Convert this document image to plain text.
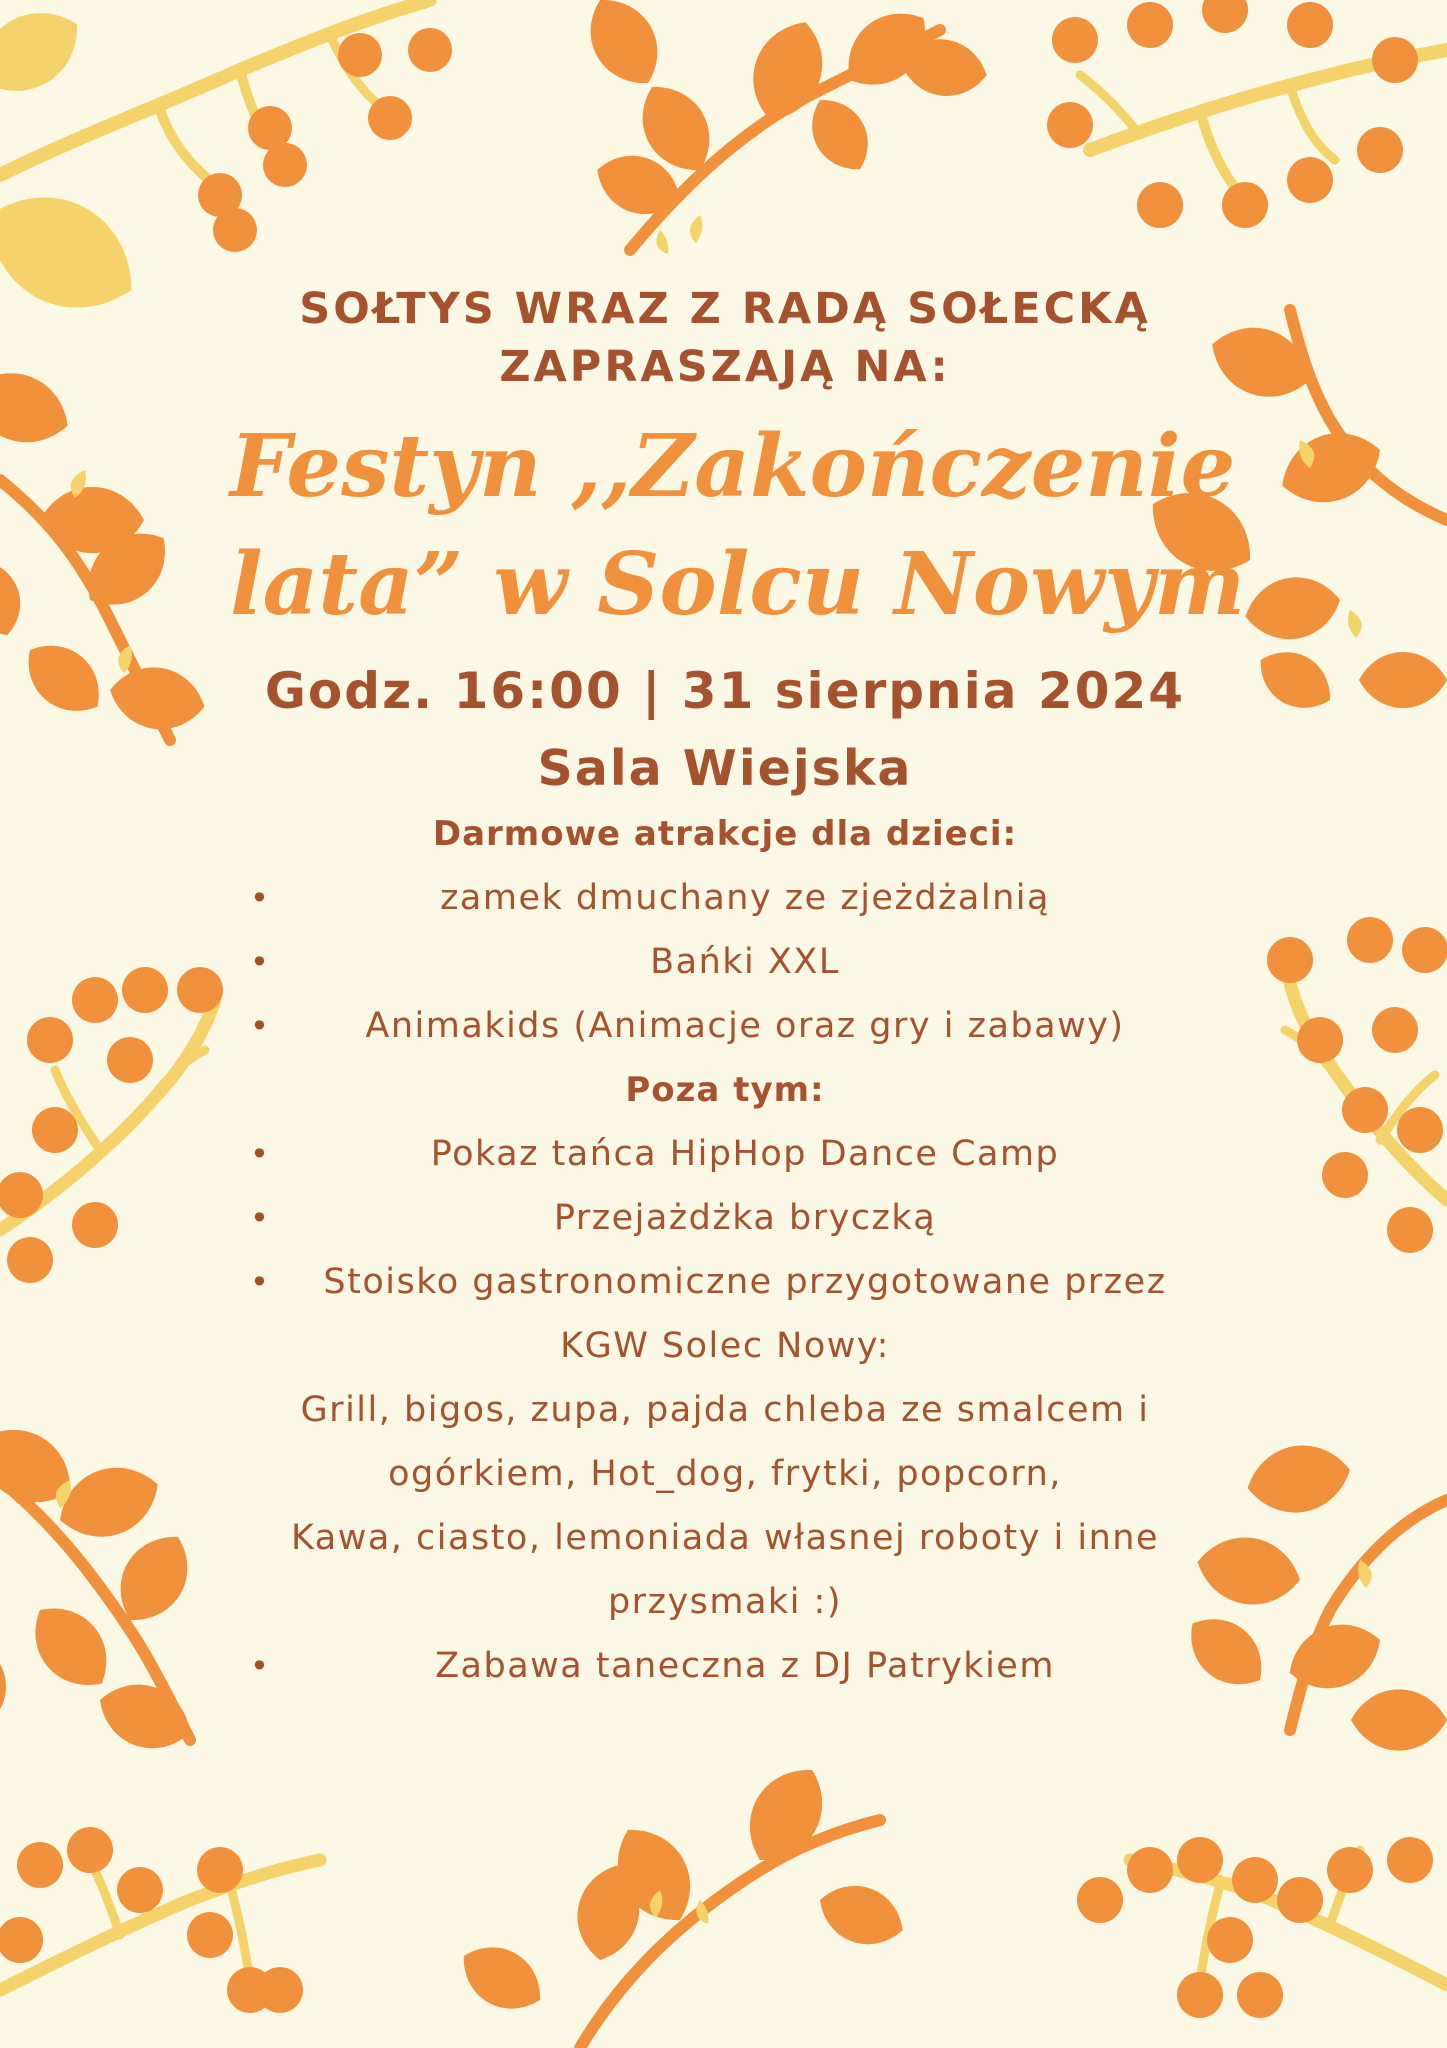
SOŁTYS WRAZ Z RADĄ SOŁECKĄ
ZAPRASZAJĄ NA:
Festyn ,,Zakończenie
lata” w Solcu Nowym
Godz. 16:00 | 31 sierpnia 2024
Sala Wiejska
Darmowe atrakcje dla dzieci:
• zamek dmuchany ze zjeżdżalnią
• Bańki XXL
• Animakids (Animacje oraz gry i zabawy)
Poza tym:
• Pokaz tańca HipHop Dance Camp
• Przejażdżka bryczką
• Stoisko gastronomiczne przygotowane przez
KGW Solec Nowy:
Grill, bigos, zupa, pajda chleba ze smalcem i
ogórkiem, Hot_dog, frytki, popcorn,
Kawa, ciasto, lemoniada własnej roboty i inne
przysmaki :)
• Zabawa taneczna z DJ Patrykiem
